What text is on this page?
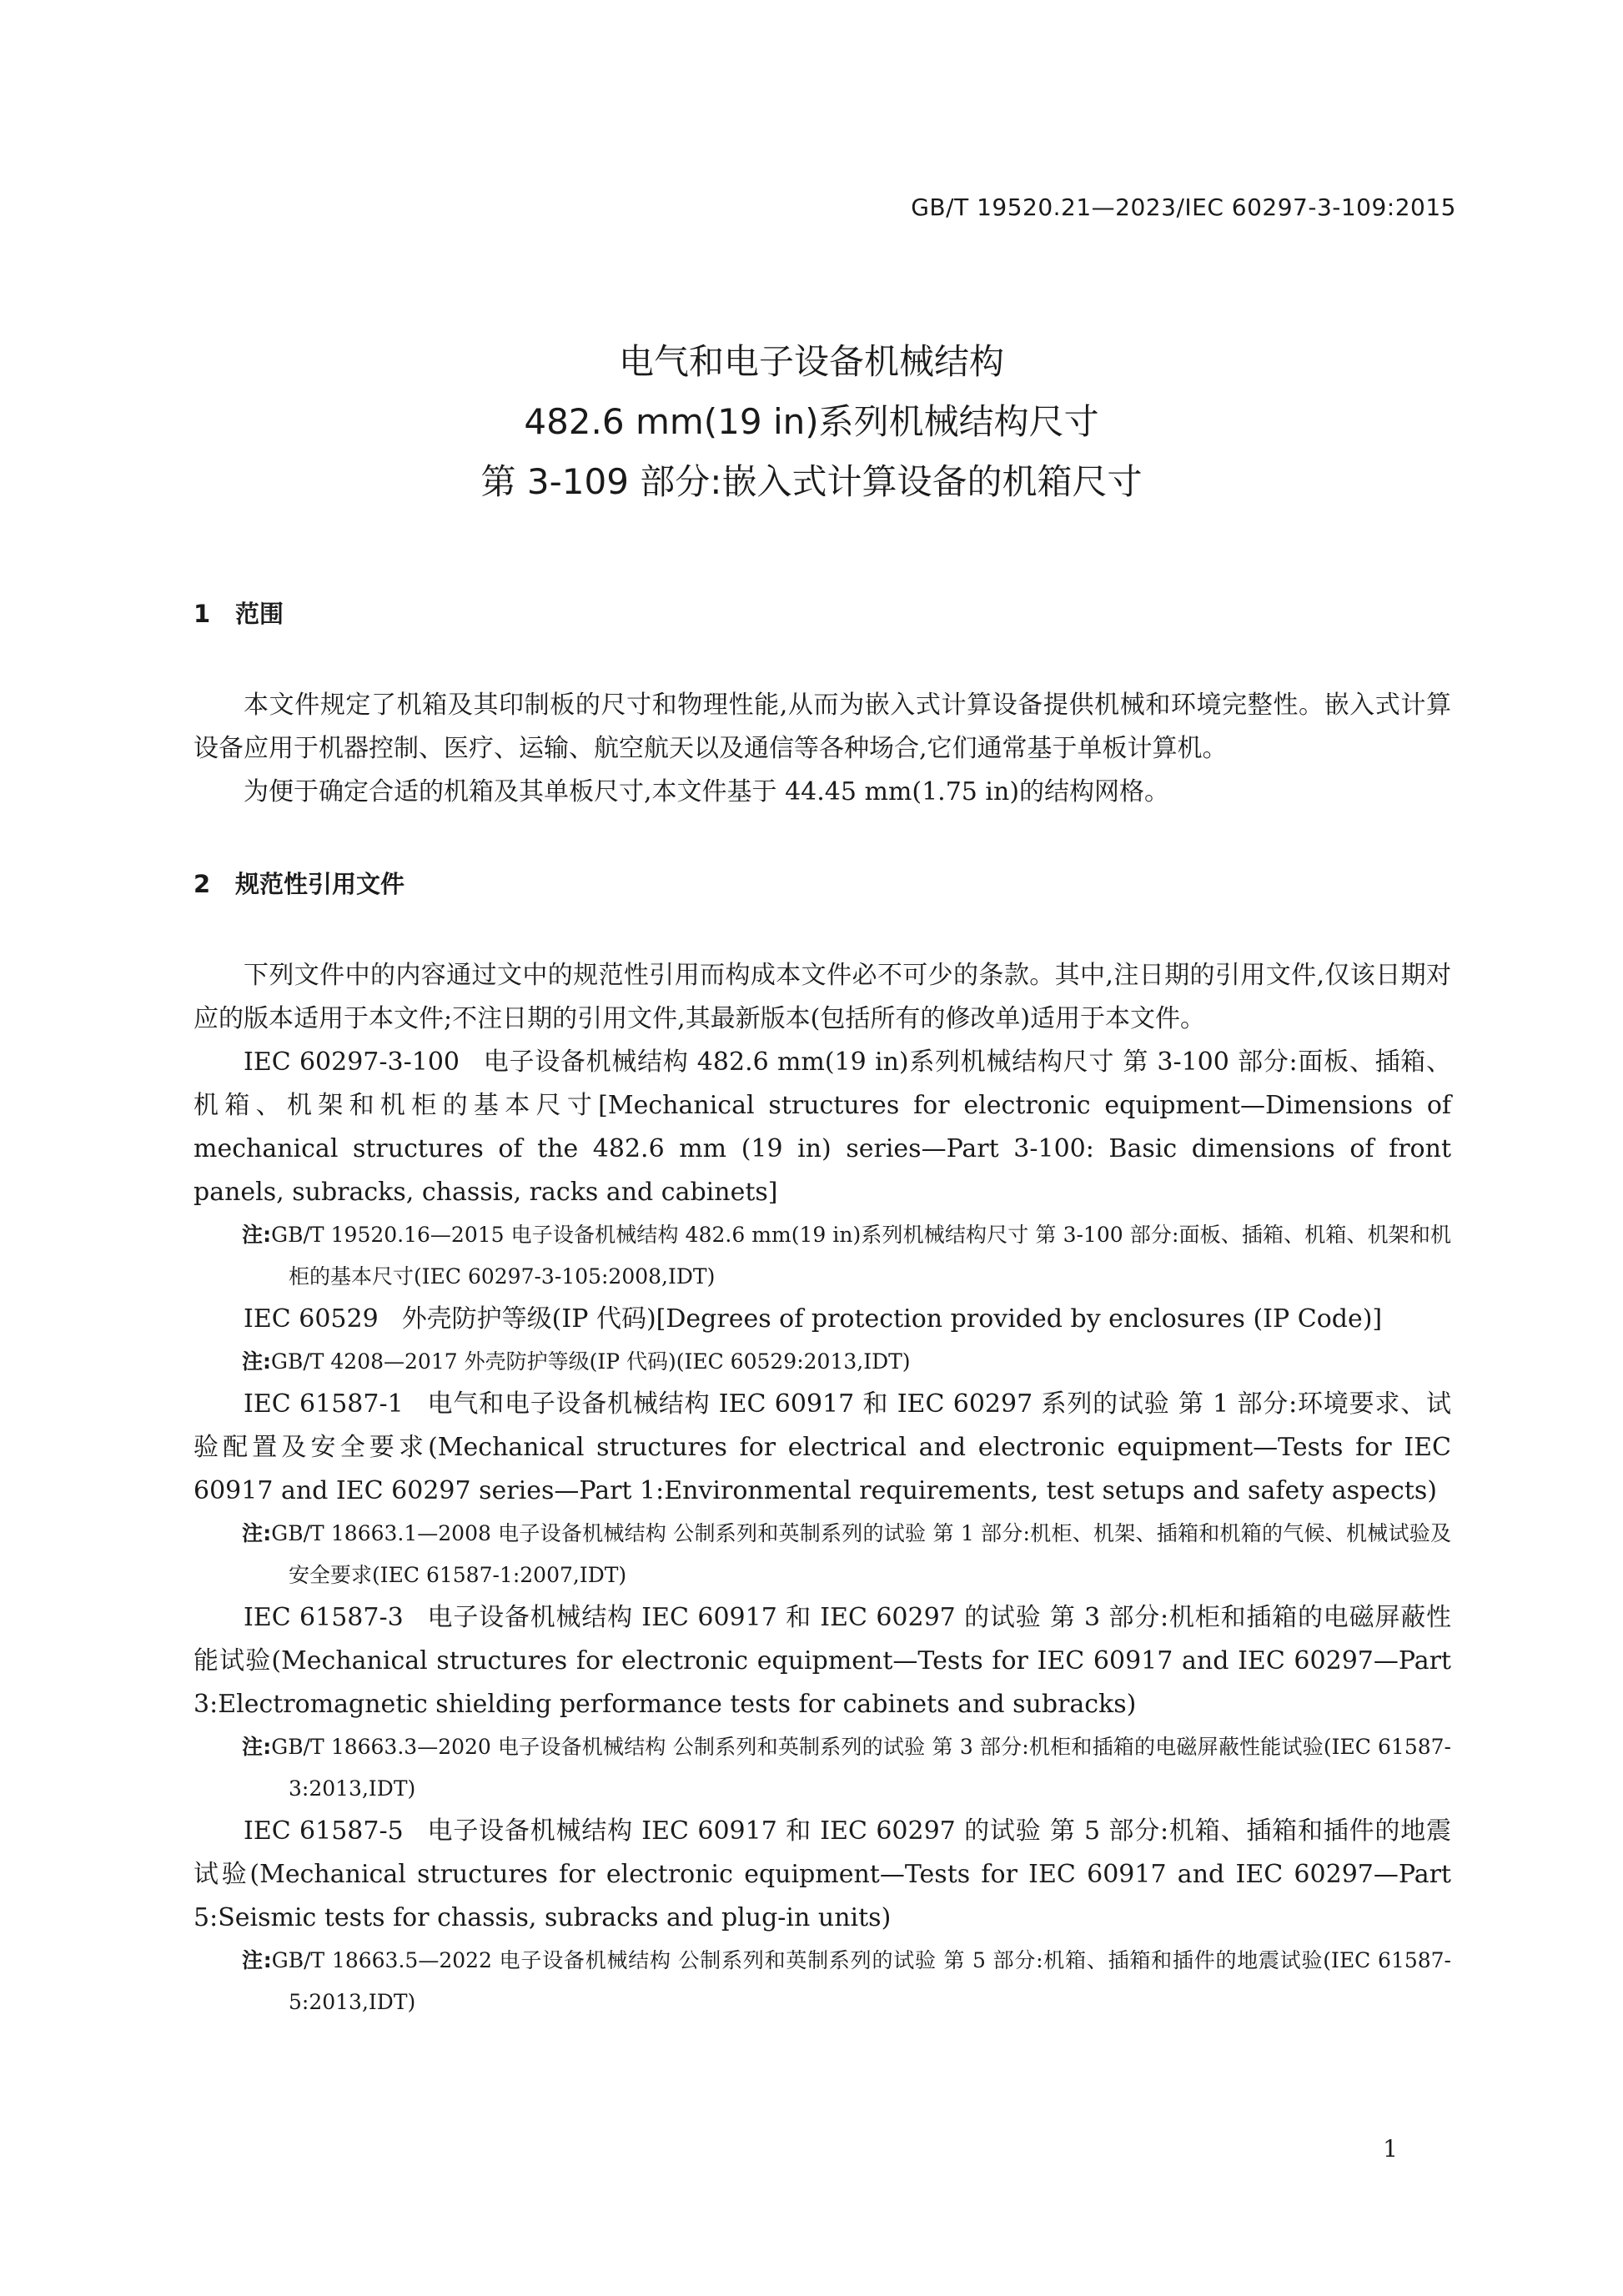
GB/T 19520.21—2023/IEC 60297-3-109:2015
电气和电子设备机械结构
482.6 mm(19 in)系列机械结构尺寸
第 3-109 部分:嵌入式计算设备的机箱尺寸
1 范围

本文件规定了机箱及其印制板的尺寸和物理性能,从而为嵌入式计算设备提供机械和环境完整性。嵌入式计算设备应用于机器控制、医疗、运输、航空航天以及通信等各种场合,它们通常基于单板计算机。

为便于确定合适的机箱及其单板尺寸,本文件基于 44.45 mm(1.75 in)的结构网格。

2 规范性引用文件

下列文件中的内容通过文中的规范性引用而构成本文件必不可少的条款。其中,注日期的引用文件,仅该日期对应的版本适用于本文件;不注日期的引用文件,其最新版本(包括所有的修改单)适用于本文件。

IEC 60297-3-100 电子设备机械结构 482.6 mm(19 in)系列机械结构尺寸 第 3-100 部分:面板、插箱、机箱、机架和机柜的基本尺寸[Mechanical structures for electronic equipment—Dimensions of mechanical structures of the 482.6 mm (19 in) series—Part 3-100: Basic dimensions of front panels, subracks, chassis, racks and cabinets]

注:GB/T 19520.16—2015 电子设备机械结构 482.6 mm(19 in)系列机械结构尺寸 第 3-100 部分:面板、插箱、机箱、机架和机柜的基本尺寸(IEC 60297-3-105:2008,IDT)

IEC 60529 外壳防护等级(IP 代码)[Degrees of protection provided by enclosures (IP Code)]

注:GB/T 4208—2017 外壳防护等级(IP 代码)(IEC 60529:2013,IDT)

IEC 61587-1 电气和电子设备机械结构 IEC 60917 和 IEC 60297 系列的试验 第 1 部分:环境要求、试验配置及安全要求(Mechanical structures for electrical and electronic equipment—Tests for IEC 60917 and IEC 60297 series—Part 1:Environmental requirements, test setups and safety aspects)

注:GB/T 18663.1—2008 电子设备机械结构 公制系列和英制系列的试验 第 1 部分:机柜、机架、插箱和机箱的气候、机械试验及安全要求(IEC 61587-1:2007,IDT)

IEC 61587-3 电子设备机械结构 IEC 60917 和 IEC 60297 的试验 第 3 部分:机柜和插箱的电磁屏蔽性能试验(Mechanical structures for electronic equipment—Tests for IEC 60917 and IEC 60297—Part 3:Electromagnetic shielding performance tests for cabinets and subracks)

注:GB/T 18663.3—2020 电子设备机械结构 公制系列和英制系列的试验 第 3 部分:机柜和插箱的电磁屏蔽性能试验(IEC 61587-3:2013,IDT)

IEC 61587-5 电子设备机械结构 IEC 60917 和 IEC 60297 的试验 第 5 部分:机箱、插箱和插件的地震试验(Mechanical structures for electronic equipment—Tests for IEC 60917 and IEC 60297—Part 5:Seismic tests for chassis, subracks and plug-in units)

注:GB/T 18663.5—2022 电子设备机械结构 公制系列和英制系列的试验 第 5 部分:机箱、插箱和插件的地震试验(IEC 61587-5:2013,IDT)

1
